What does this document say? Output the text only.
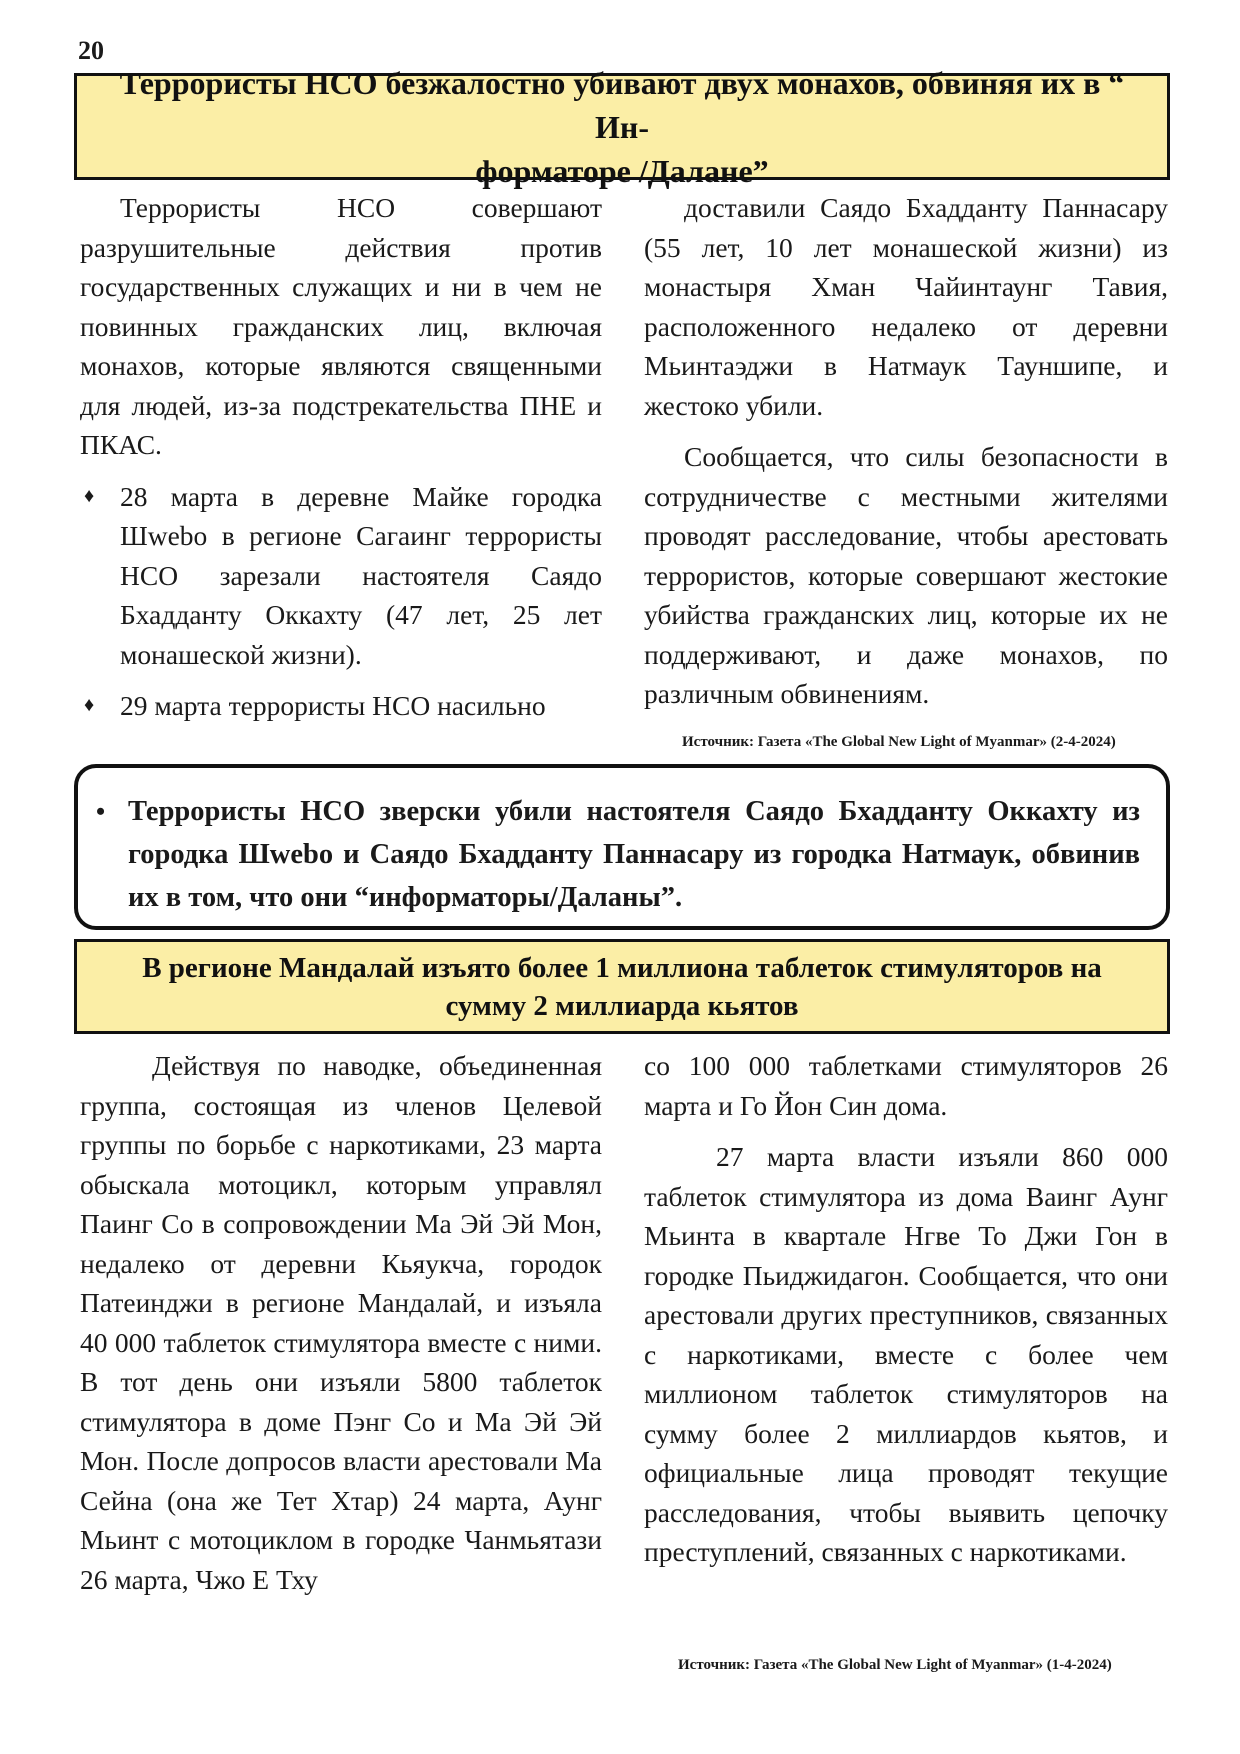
20
Террористы НСО безжалостно убивают двух монахов, обвиняя их в “ Ин-
форматоре /Далане”

Террористы НСО совершают разрушительные действия против государственных служащих и ни в чем не повинных гражданских лиц, включая монахов, которые являются священными для людей, из-за подстрекательства ПНЕ и ПКАС.

♦ 28 марта в деревне Майке городка Шwebo в регионе Сагаинг террористы НСО зарезали настоятеля Саядо Бхадданту Оккахту (47 лет, 25 лет монашеской жизни).

♦ 29 марта террористы НСО насильно

доставили Саядо Бхадданту Паннасару (55 лет, 10 лет монашеской жизни) из монастыря Хман Чайинтаунг Тавия, расположенного недалеко от деревни Мьинтаэджи в Натмаук Тауншипе, и жестоко убили.

Сообщается, что силы безопасности в сотрудничестве с местными жителями проводят расследование, чтобы арестовать террористов, которые совершают жестокие убийства гражданских лиц, которые их не поддерживают, и даже монахов, по различным обвинениям.

Источник: Газета «The Global New Light of Myanmar» (2-4-2024)
• Террористы НСО зверски убили настоятеля Саядо Бхадданту Оккахту из городка Шwebo и Саядо Бхадданту Паннасару из городка Натмаук, обвинив их в том, что они “информаторы/Даланы”.
В регионе Мандалай изъято более 1 миллиона таблеток стимуляторов на
сумму 2 миллиарда кьятов

Действуя по наводке, объединенная группа, состоящая из членов Целевой группы по борьбе с наркотиками, 23 марта обыскала мотоцикл, которым управлял Паинг Со в сопровождении Ма Эй Эй Мон, недалеко от деревни Кьяукча, городок Патеинджи в регионе Мандалай, и изъяла 40 000 таблеток стимулятора вместе с ними. В тот день они изъяли 5800 таблеток стимулятора в доме Пэнг Со и Ма Эй Эй Мон. После допросов власти арестовали Ма Сейна (она же Тет Хтар) 24 марта, Аунг Мьинт с мотоциклом в городке Чанмьятази 26 марта, Чжо Е Тху

со 100 000 таблетками стимуляторов 26 марта и Го Йон Син дома.

27 марта власти изъяли 860 000 таблеток стимулятора из дома Ваинг Аунг Мьинта в квартале Нгве То Джи Гон в городке Пьиджидагон. Сообщается, что они арестовали других преступников, связанных с наркотиками, вместе с более чем миллионом таблеток стимуляторов на сумму более 2 миллиардов кьятов, и официальные лица проводят текущие расследования, чтобы выявить цепочку преступлений, связанных с наркотиками.

Источник: Газета «The Global New Light of Myanmar» (1-4-2024)
